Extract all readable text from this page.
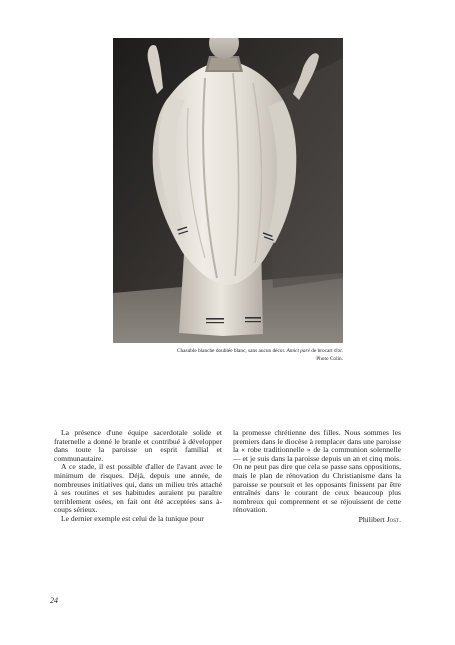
Chasuble blanche doublée blanc, sans aucun décor. Amict paré de brocart d'or.
Photo Colin.

La présence d'une équipe sacerdotale solide et fraternelle a donné le branle et contribué à développer dans toute la paroisse un esprit familial et communautaire.

A ce stade, il est possible d'aller de l'avant avec le minimum de risques. Déjà, depuis une année, de nombreuses initiatives qui, dans un milieu très attaché à ses routines et ses habitudes auraient pu paraître terriblement osées, en fait ont été acceptées sans à-coups sérieux.

Le dernier exemple est celui de la tunique pour

la promesse chrétienne des filles. Nous sommes les premiers dans le diocèse à remplacer dans une paroisse la « robe traditionnelle » de la communion solennelle — et je suis dans la paroisse depuis un an et cinq mois. On ne peut pas dire que cela se passe sans oppositions, mais le plan de rénovation du Christianisme dans la paroisse se poursuit et les opposants finissent par être entraînés dans le courant de ceux beaucoup plus nombreux qui comprennent et se réjouissent de cette rénovation.

Philibert Jost.
24
